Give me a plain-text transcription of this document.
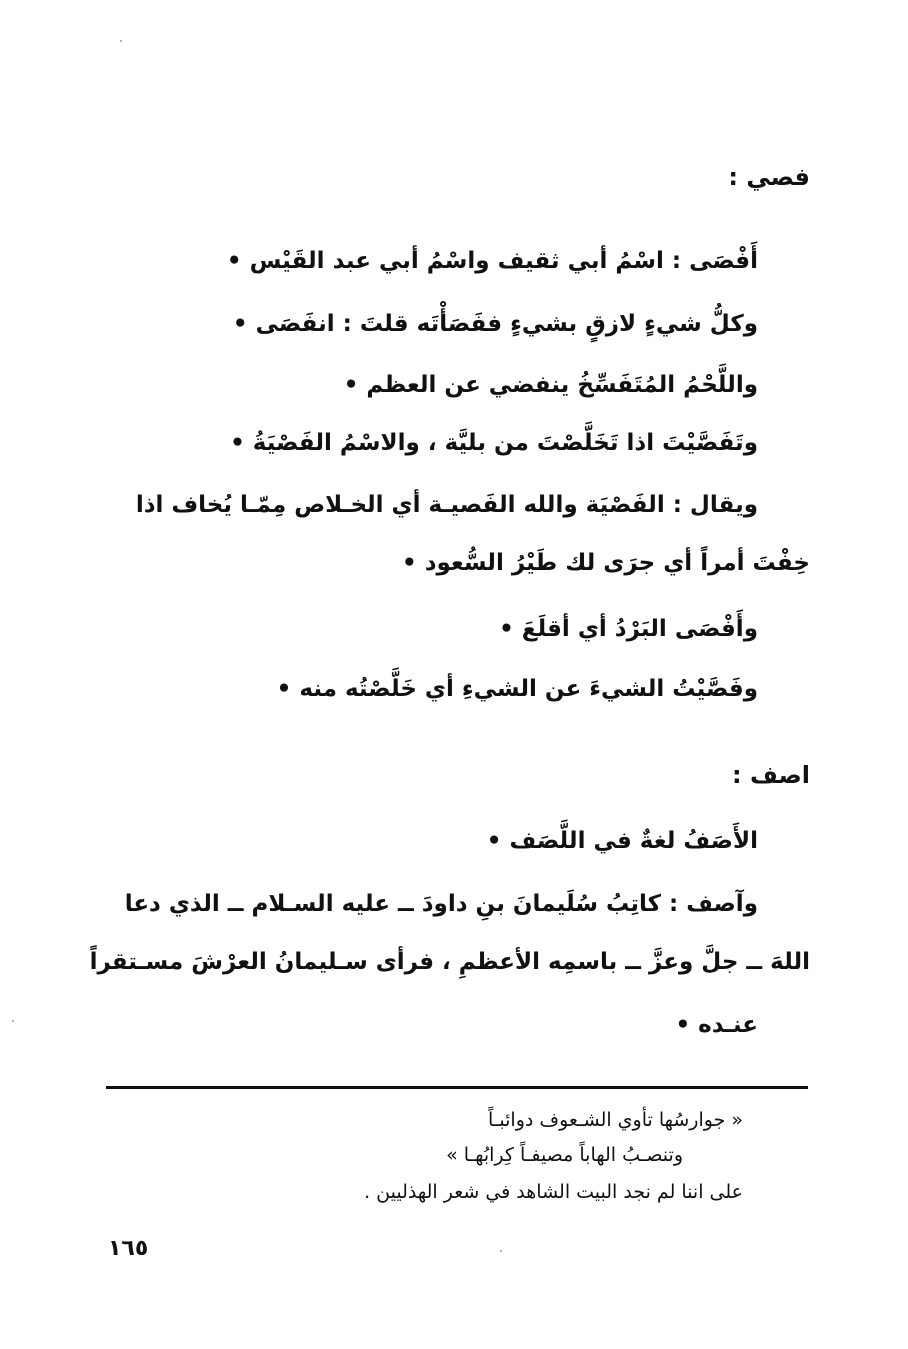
فصي :
أَفْصَى : اسْمُ أبي ثقيف واسْمُ أبي عبد القَيْس •
وكلُّ شيءٍ لازقٍ بشيءٍ ففَصَأْتَه قلتَ : انفَصَى •
واللَّحْمُ المُتَفَسِّخُ ينفضي عن العظم •
وتَفَصَّيْتَ اذا تَخَلَّصْتَ من بليَّة ، والاسْمُ الفَصْيَةُ •
ويقال : الفَصْيَة والله الفَصيـة أي الخـلاص مِمّـا يُخاف اذا
خِفْتَ أمراً أي جرَى لك طَيْرُ السُّعود •
وأَفْصَى البَرْدُ أي أقلَعَ •
وفَصَّيْتُ الشيءَ عن الشيءِ أي خَلَّصْتُه منه •
اصف :
الأَصَفُ لغةٌ في اللَّصَف •
وآصف : كاتِبُ سُلَيمانَ بنِ داودَ ــ عليه السـلام ــ الذي دعا
اللهَ ــ جلَّ وعزَّ ــ باسمِه الأعظمِ ، فرأى سـليمانُ العرْشَ مسـتقراً
عنـده •
« جوارسُها تأوي الشـعوف دوائبـاً
وتنصـبُ الهاباً مصيفـاً كِرابُهـا »
على اننا لم نجد البيت الشاهد في شعر الهذليين .
١٦٥
